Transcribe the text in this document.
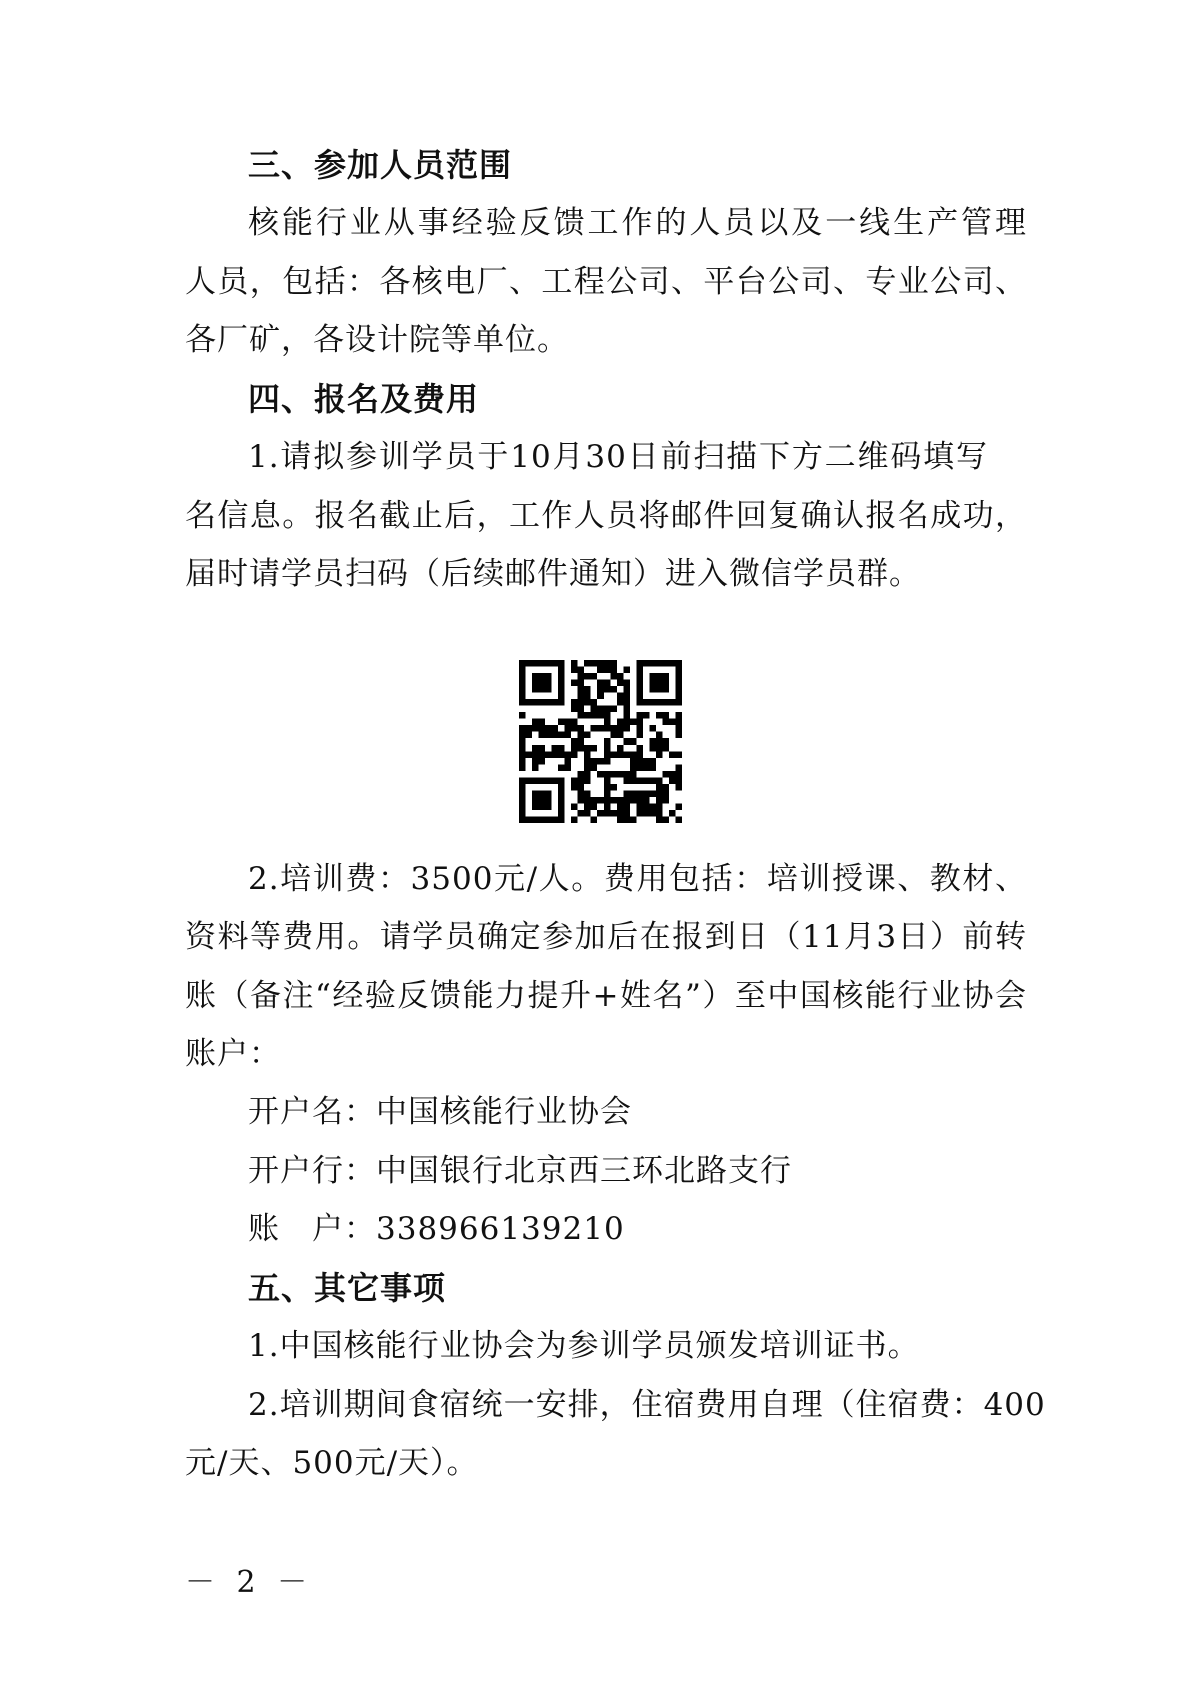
三、参加人员范围
核能行业从事经验反馈工作的人员以及一线生产管理
人员，包括：各核电厂、工程公司、平台公司、专业公司、
各厂矿，各设计院等单位。
四、报名及费用
1.请拟参训学员于10月30日前扫描下方二维码填写
名信息。报名截止后，工作人员将邮件回复确认报名成功，
届时请学员扫码（后续邮件通知）进入微信学员群。
2.培训费：3500元/人。费用包括：培训授课、教材、
资料等费用。请学员确定参加后在报到日（11月3日）前转
账（备注“经验反馈能力提升+姓名”）至中国核能行业协会
账户：
开户名：中国核能行业协会
开户行：中国银行北京西三环北路支行
账　户：338966139210
五、其它事项
1.中国核能行业协会为参训学员颁发培训证书。
2.培训期间食宿统一安排，住宿费用自理（住宿费：400
元/天、500元/天）。
－ 2 －
